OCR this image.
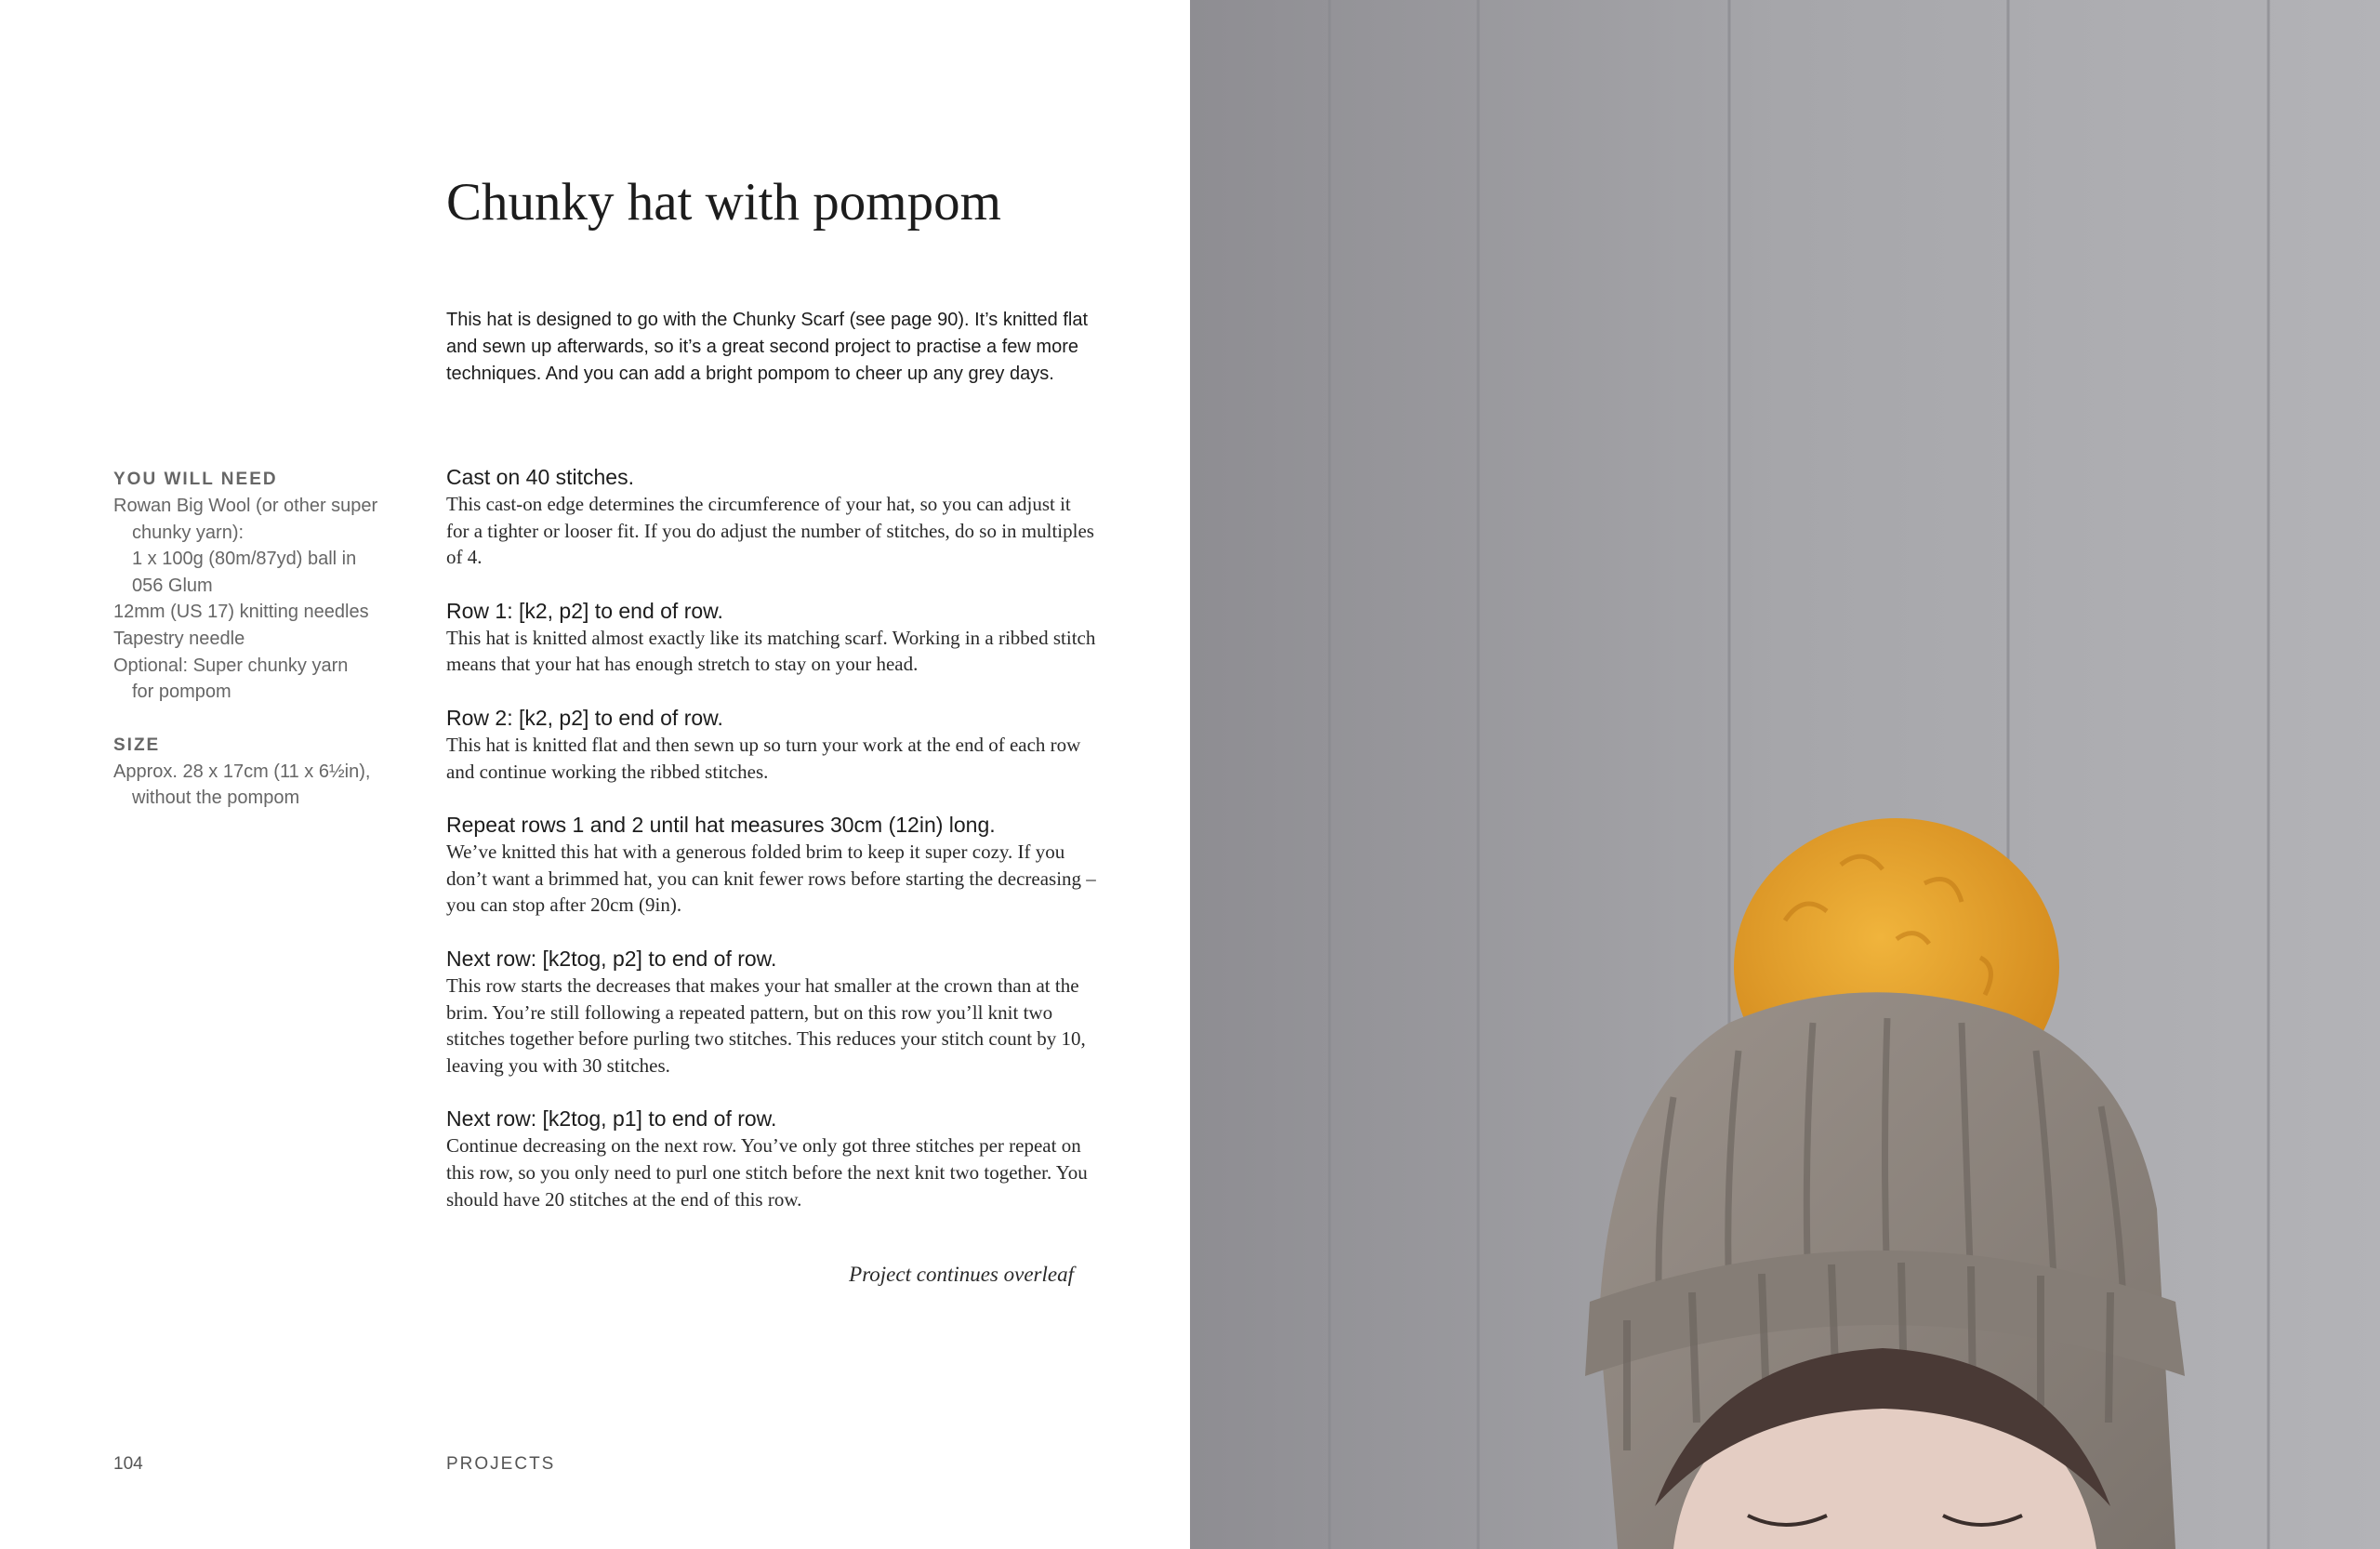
Chunky hat with pompom

This hat is designed to go with the Chunky Scarf (see page 90). It’s knitted flat and sewn up afterwards, so it’s a great second project to practise a few more techniques. And you can add a bright pompom to cheer up any grey days.

YOU WILL NEED
Rowan Big Wool (or other super
chunky yarn):
1 x 100g (80m/87yd) ball in
056 Glum
12mm (US 17) knitting needles
Tapestry needle
Optional: Super chunky yarn
for pompom
SIZE
Approx. 28 x 17cm (11 x 6½in),
without the pompom
Cast on 40 stitches.

This cast-on edge determines the circumference of your hat, so you can adjust it for a tighter or looser fit. If you do adjust the number of stitches, do so in multiples of 4.

Row 1: [k2, p2] to end of row.

This hat is knitted almost exactly like its matching scarf. Working in a ribbed stitch means that your hat has enough stretch to stay on your head.

Row 2: [k2, p2] to end of row.

This hat is knitted flat and then sewn up so turn your work at the end of each row and continue working the ribbed stitches.

Repeat rows 1 and 2 until hat measures 30cm (12in) long.

We’ve knitted this hat with a generous folded brim to keep it super cozy. If you don’t want a brimmed hat, you can knit fewer rows before starting the decreasing – you can stop after 20cm (9in).

Next row: [k2tog, p2] to end of row.

This row starts the decreases that makes your hat smaller at the crown than at the brim. You’re still following a repeated pattern, but on this row you’ll knit two stitches together before purling two stitches. This reduces your stitch count by 10, leaving you with 30 stitches.

Next row: [k2tog, p1] to end of row.

Continue decreasing on the next row. You’ve only got three stitches per repeat on this row, so you only need to purl one stitch before the next knit two together. You should have 20 stitches at the end of this row.

Project continues overleaf
104	PROJECTS
